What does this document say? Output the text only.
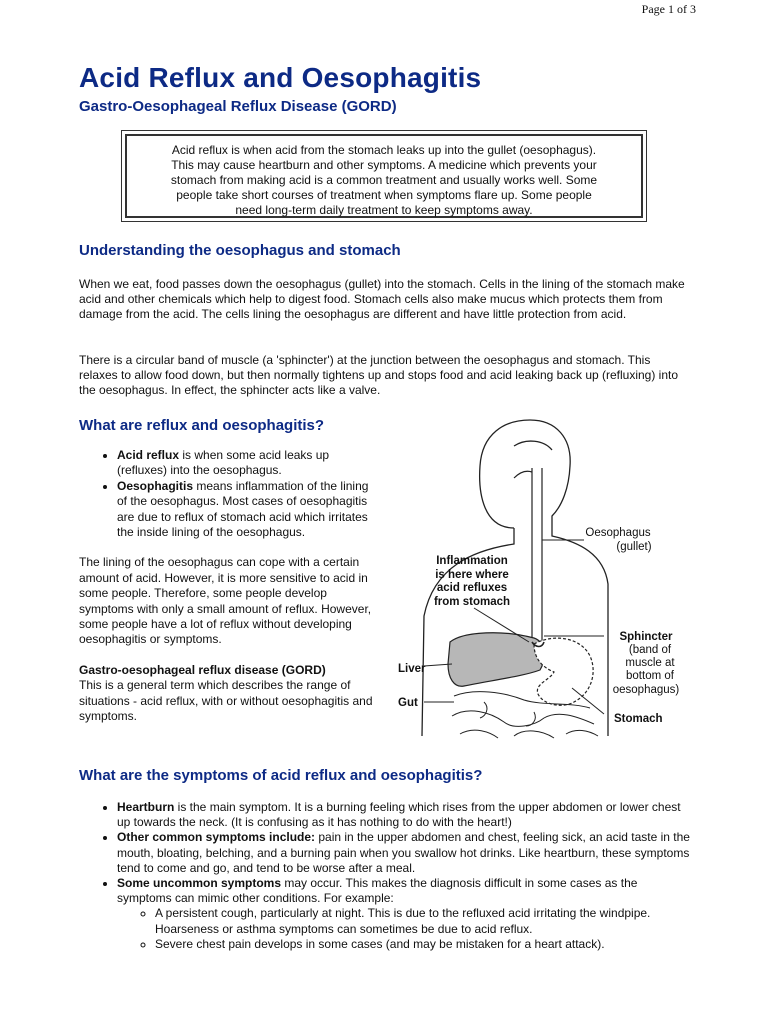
Page 1 of 3
Acid Reflux and Oesophagitis
Gastro-Oesophageal Reflux Disease (GORD)
Acid reflux is when acid from the stomach leaks up into the gullet (oesophagus).
This may cause heartburn and other symptoms. A medicine which prevents your
stomach from making acid is a common treatment and usually works well. Some
people take short courses of treatment when symptoms flare up. Some people
need long-term daily treatment to keep symptoms away.
Understanding the oesophagus and stomach

When we eat, food passes down the oesophagus (gullet) into the stomach. Cells in the lining of the stomach make acid and other chemicals which help to digest food. Stomach cells also make mucus which protects them from damage from the acid. The cells lining the oesophagus are different and have little protection from acid.

There is a circular band of muscle (a 'sphincter') at the junction between the oesophagus and stomach. This relaxes to allow food down, but then normally tightens up and stops food and acid leaking back up (refluxing) into the oesophagus. In effect, the sphincter acts like a valve.

What are reflux and oesophagitis?
• Acid reflux is when some acid leaks up (refluxes) into the oesophagus.
• Oesophagitis means inflammation of the lining of the oesophagus. Most cases of oesophagitis are due to reflux of stomach acid which irritates the inside lining of the oesophagus.

The lining of the oesophagus can cope with a certain amount of acid. However, it is more sensitive to acid in some people. Therefore, some people develop symptoms with only a small amount of reflux. However, some people have a lot of reflux without developing oesophagitis or symptoms.

Gastro-oesophageal reflux disease (GORD)
This is a general term which describes the range of situations - acid reflux, with or without oesophagitis and symptoms.

Oesophagus
(gullet)
Inflammation
is here where
acid refluxes
from stomach
Sphincter
(band of
muscle at
bottom of
oesophagus)
Liver
Gut
Stomach
What are the symptoms of acid reflux and oesophagitis?
• Heartburn is the main symptom. It is a burning feeling which rises from the upper abdomen or lower chest up towards the neck. (It is confusing as it has nothing to do with the heart!)
• Other common symptoms include: pain in the upper abdomen and chest, feeling sick, an acid taste in the mouth, bloating, belching, and a burning pain when you swallow hot drinks. Like heartburn, these symptoms tend to come and go, and tend to be worse after a meal.
• Some uncommon symptoms may occur. This makes the diagnosis difficult in some cases as the symptoms can mimic other conditions. For example:
◦ A persistent cough, particularly at night. This is due to the refluxed acid irritating the windpipe. Hoarseness or asthma symptoms can sometimes be due to acid reflux.
◦ Severe chest pain develops in some cases (and may be mistaken for a heart attack).
